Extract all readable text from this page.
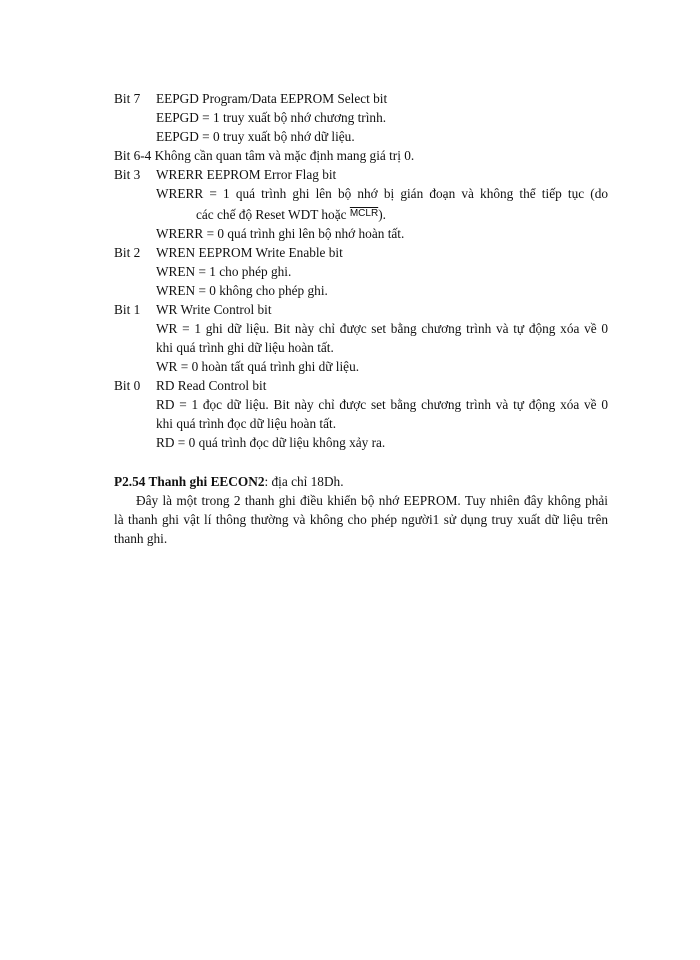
Bit 7 EEPGD Program/Data EEPROM Select bit
EEPGD = 1 truy xuất bộ nhớ chương trình.
EEPGD = 0 truy xuất bộ nhớ dữ liệu.
Bit 6-4 Không cần quan tâm và mặc định mang giá trị 0.
Bit 3 WRERR EEPROM Error Flag bit
WRERR = 1 quá trình ghi lên bộ nhớ bị gián đoạn và không thể tiếp tục (do
các chế độ Reset WDT hoặc $^{MCLR}$).
WRERR = 0 quá trình ghi lên bộ nhớ hoàn tất.
Bit 2 WREN EEPROM Write Enable bit
WREN = 1 cho phép ghi.
WREN = 0 không cho phép ghi.
Bit 1 WR Write Control bit
WR = 1 ghi dữ liệu. Bit này chỉ được set bằng chương trình và tự động xóa về 0
khi quá trình ghi dữ liệu hoàn tất.
WR = 0 hoàn tất quá trình ghi dữ liệu.
Bit 0 RD Read Control bit
RD = 1 đọc dữ liệu. Bit này chỉ được set bằng chương trình và tự động xóa về 0
khi quá trình đọc dữ liệu hoàn tất.
RD = 0 quá trình đọc dữ liệu không xảy ra.
P2.54 Thanh ghi EECON2: địa chỉ 18Dh.
Đây là một trong 2 thanh ghi điều khiển bộ nhớ EEPROM. Tuy nhiên đây không phải
là thanh ghi vật lí thông thường và không cho phép người1 sử dụng truy xuất dữ liệu trên
thanh ghi.
